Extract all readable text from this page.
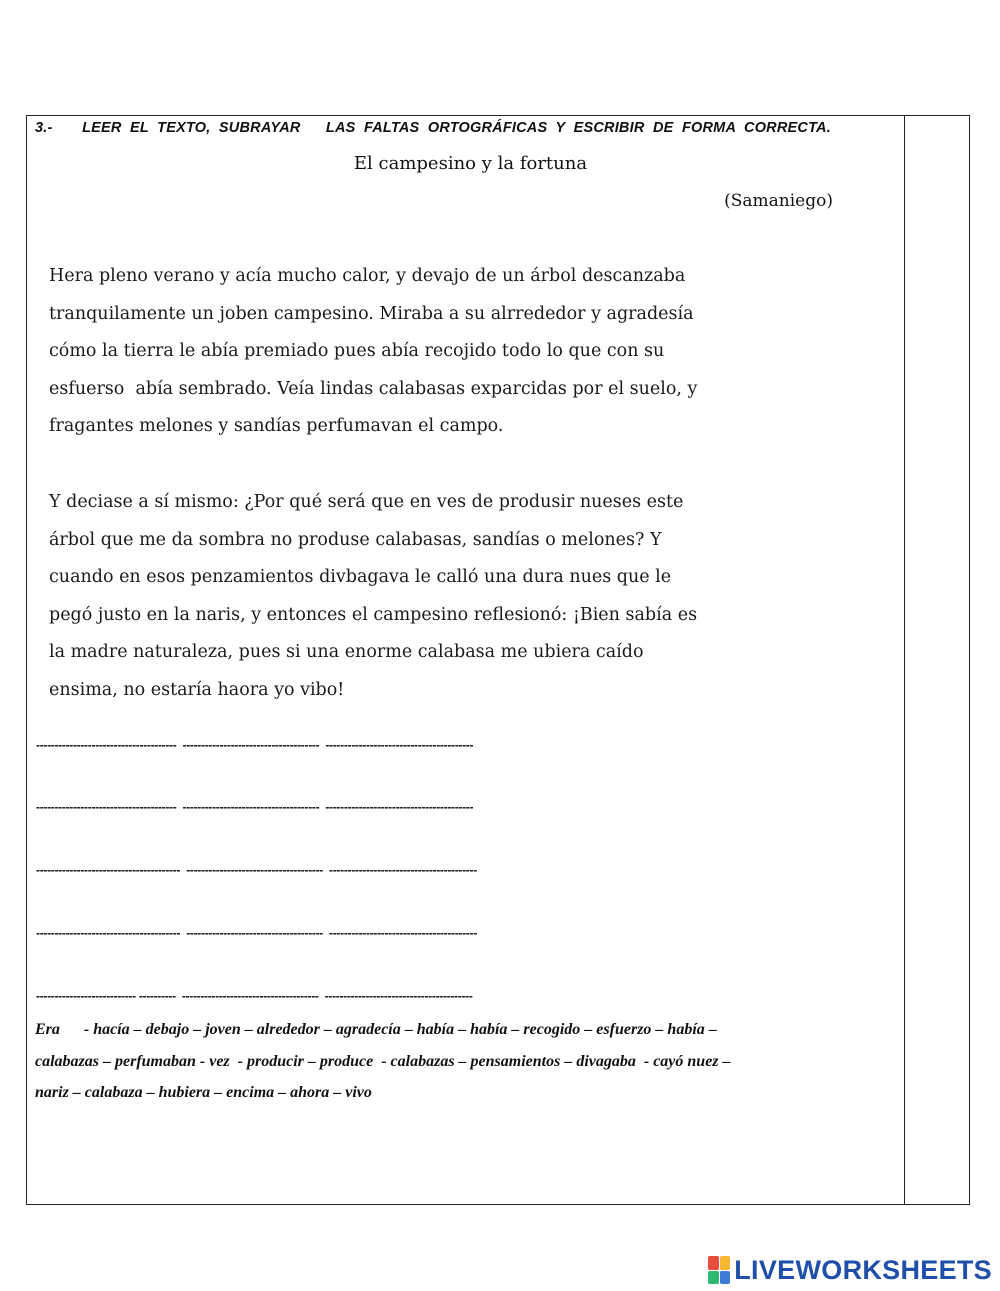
3.-       LEER  EL  TEXTO,  SUBRAYAR      LAS  FALTAS  ORTOGRÁFICAS  Y  ESCRIBIR  DE  FORMA  CORRECTA.
El campesino y la fortuna
(Samaniego)
Hera pleno verano y acía mucho calor, y devajo de un árbol descanzaba
tranquilamente un joben campesino. Miraba a su alrrededor y agradesía
cómo la tierra le abía premiado pues abía recojido todo lo que con su
esfuerso  abía sembrado. Veía lindas calabasas exparcidas por el suelo, y
fragantes melones y sandías perfumavan el campo.
Y deciase a sí mismo: ¿Por qué será que en ves de produsir nueses este
árbol que me da sombra no produse calabasas, sandías o melones? Y
cuando en esos penzamientos divbagava le calló una dura nues que le
pegó justo en la naris, y entonces el campesino reflesionó: ¡Bien sabía es
la madre naturaleza, pues si una enorme calabasa me ubiera caído
ensima, no estaría haora yo vibo!
--------------------------------------  -------------------------------------  ----------------------------------------
--------------------------------------  -------------------------------------  ----------------------------------------
---------------------------------------  -------------------------------------  ----------------------------------------
---------------------------------------  -------------------------------------  ----------------------------------------
--------------------------- ----------  -------------------------------------  ----------------------------------------
Era      - hacía – debajo – joven – alrededor – agradecía – había – había – recogido – esfuerzo – había –
calabazas – perfumaban - vez  - producir – produce  - calabazas – pensamientos – divagaba  - cayó nuez –
nariz – calabaza – hubiera – encima – ahora – vivo
LIVEWORKSHEETS
